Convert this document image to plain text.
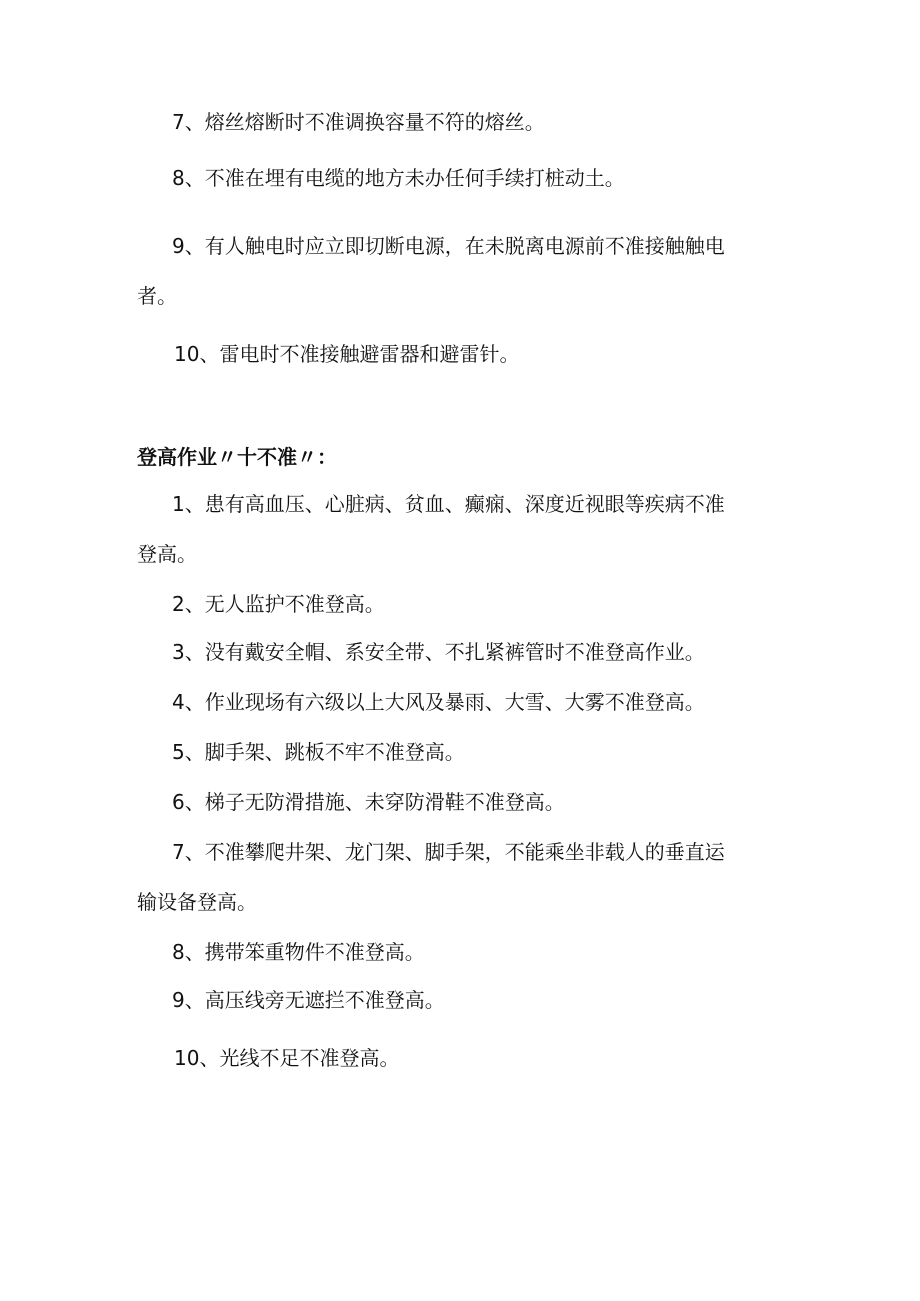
7、熔丝熔断时不准调换容量不符的熔丝。
8、不准在埋有电缆的地方未办任何手续打桩动土。
9、有人触电时应立即切断电源，在未脱离电源前不准接触触电
者。
10、雷电时不准接触避雷器和避雷针。
登高作业〃十不准〃：
1、患有高血压、心脏病、贫血、癫痫、深度近视眼等疾病不准
登高。
2、无人监护不准登高。
3、没有戴安全帽、系安全带、不扎紧裤管时不准登高作业。
4、作业现场有六级以上大风及暴雨、大雪、大雾不准登高。
5、脚手架、跳板不牢不准登高。
6、梯子无防滑措施、未穿防滑鞋不准登高。
7、不准攀爬井架、龙门架、脚手架，不能乘坐非载人的垂直运
输设备登高。
8、携带笨重物件不准登高。
9、高压线旁无遮拦不准登高。
10、光线不足不准登高。
